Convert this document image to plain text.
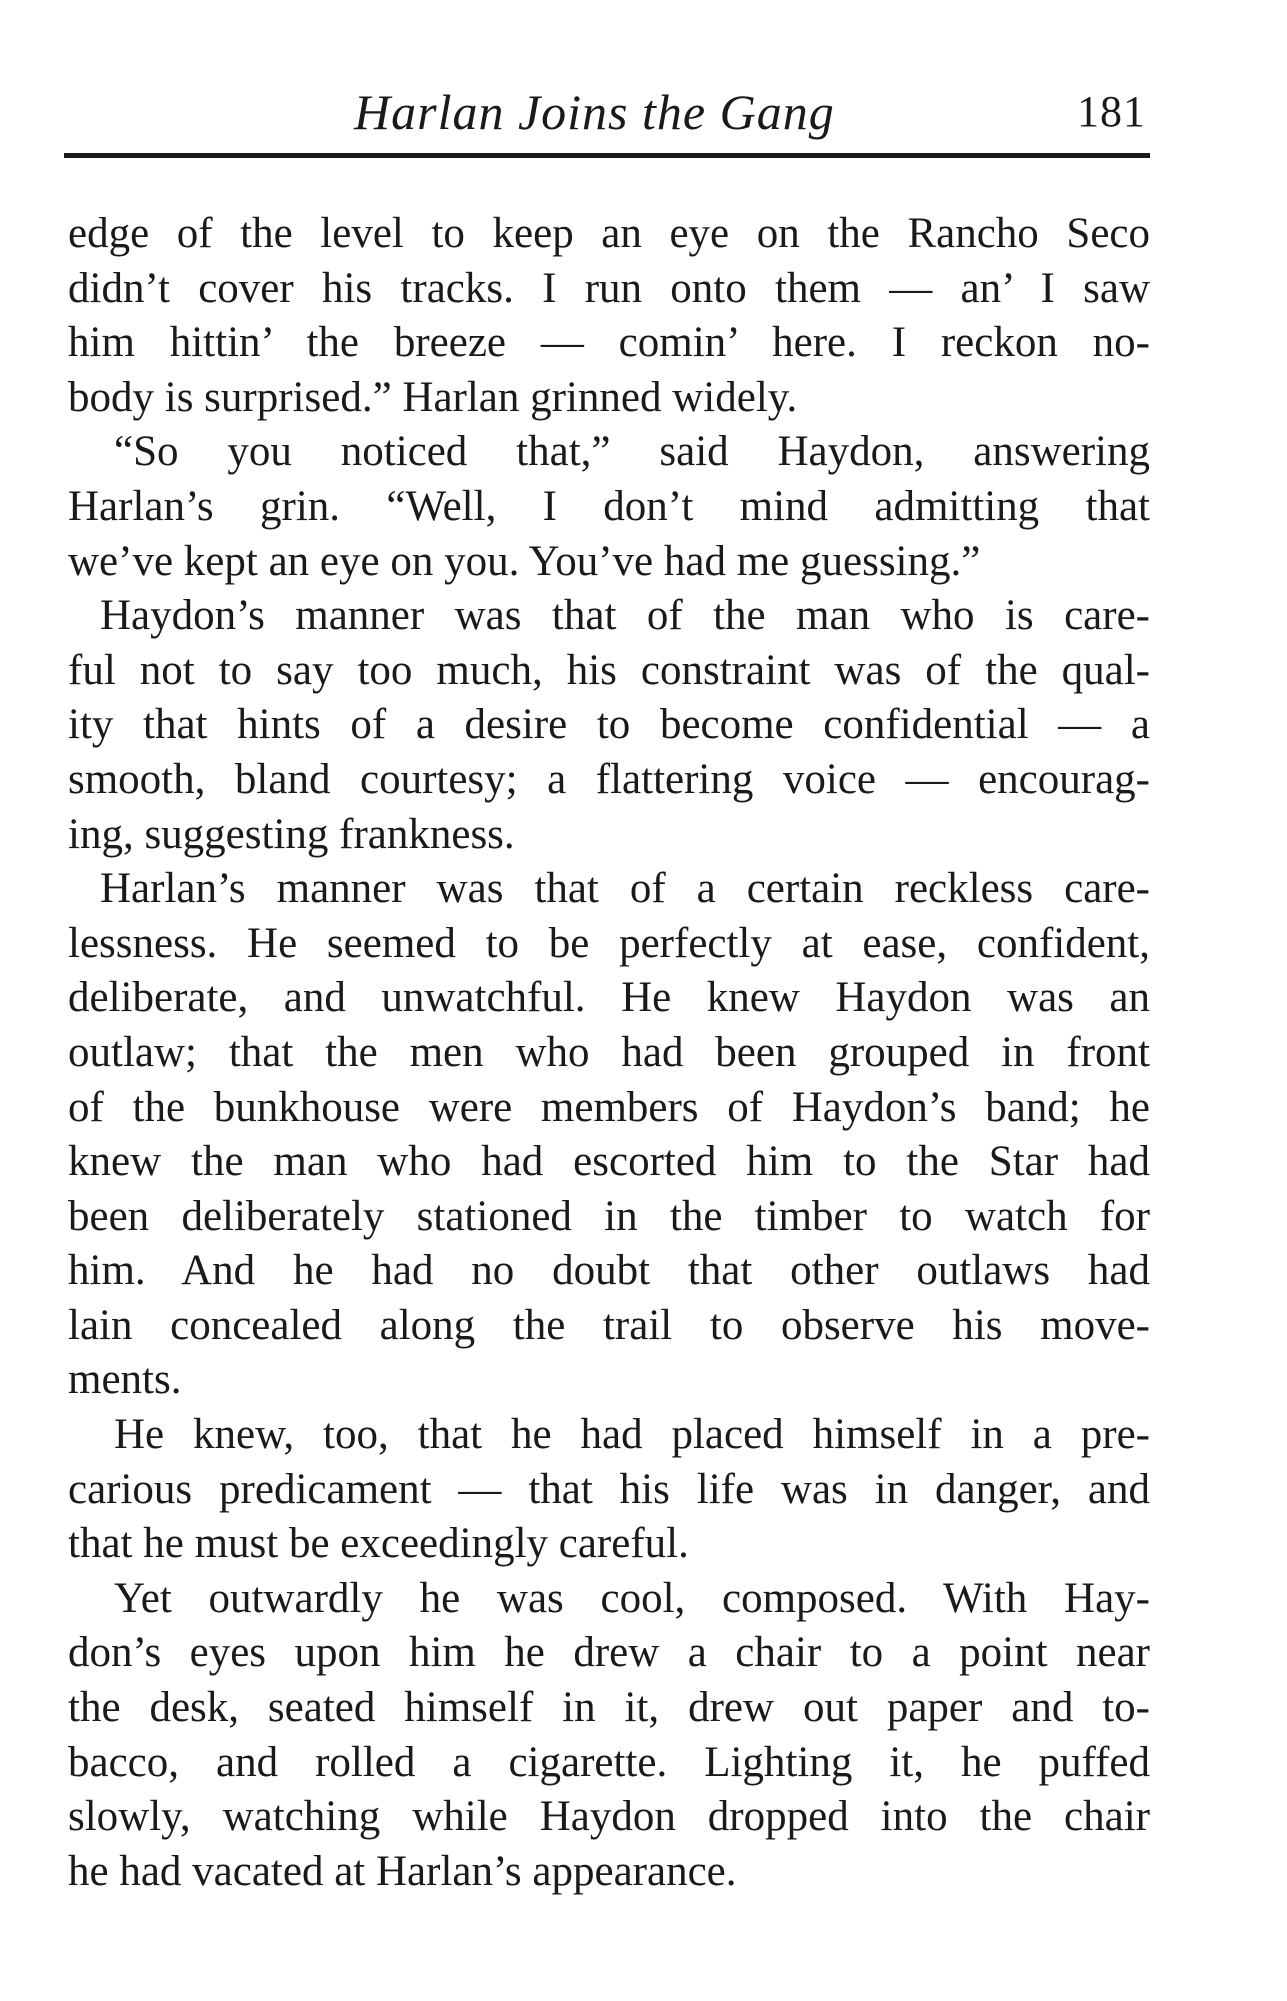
Harlan Joins the Gang	181
edge of the level to keep an eye on the Rancho Seco
didn’t cover his tracks. I run onto them — an’ I saw
him hittin’ the breeze — comin’ here. I reckon no-
body is surprised.” Harlan grinned widely.
“So you noticed that,” said Haydon, answering
Harlan’s grin. “Well, I don’t mind admitting that
we’ve kept an eye on you. You’ve had me guessing.”
Haydon’s manner was that of the man who is care-
ful not to say too much, his constraint was of the qual-
ity that hints of a desire to become confidential — a
smooth, bland courtesy; a flattering voice — encourag-
ing, suggesting frankness.
Harlan’s manner was that of a certain reckless care-
lessness. He seemed to be perfectly at ease, confident,
deliberate, and unwatchful. He knew Haydon was an
outlaw; that the men who had been grouped in front
of the bunkhouse were members of Haydon’s band; he
knew the man who had escorted him to the Star had
been deliberately stationed in the timber to watch for
him. And he had no doubt that other outlaws had
lain concealed along the trail to observe his move-
ments.
He knew, too, that he had placed himself in a pre-
carious predicament — that his life was in danger, and
that he must be exceedingly careful.
Yet outwardly he was cool, composed. With Hay-
don’s eyes upon him he drew a chair to a point near
the desk, seated himself in it, drew out paper and to-
bacco, and rolled a cigarette. Lighting it, he puffed
slowly, watching while Haydon dropped into the chair
he had vacated at Harlan’s appearance.
